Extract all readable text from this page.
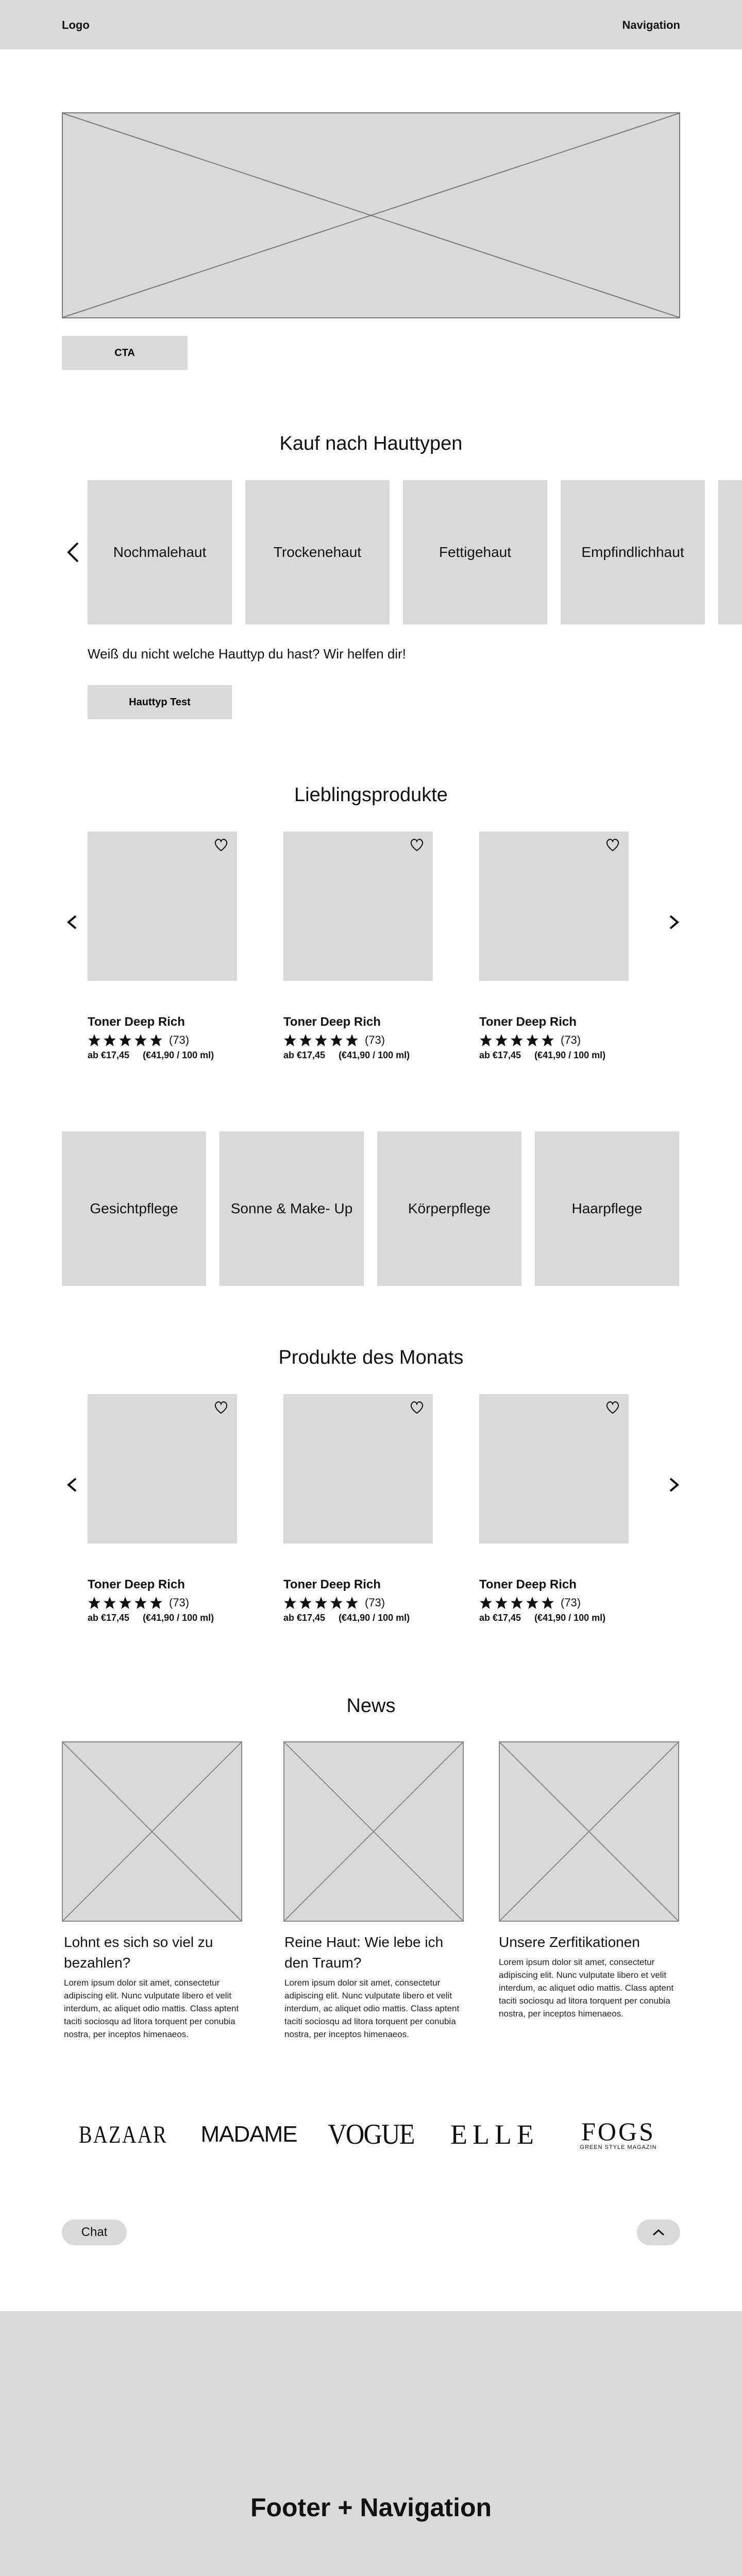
Logo	Navigation
CTA
Kauf nach Hauttypen
Nochmalehaut	Trockenehaut	Fettigehaut	Empfindlichhaut

Weiß du nicht welche Hauttyp du hast? Wir helfen dir!

Hauttyp Test
Lieblingsprodukte
Toner Deep Rich
(73)
ab €17,45 (€41,90 / 100 ml)
Toner Deep Rich
(73)
ab €17,45 (€41,90 / 100 ml)
Toner Deep Rich
(73)
ab €17,45 (€41,90 / 100 ml)
Gesichtpflege	Sonne & Make- Up	Körperpflege	Haarpflege
Produkte des Monats
Toner Deep Rich
(73)
ab €17,45 (€41,90 / 100 ml)
Toner Deep Rich
(73)
ab €17,45 (€41,90 / 100 ml)
Toner Deep Rich
(73)
ab €17,45 (€41,90 / 100 ml)
News
Lohnt es sich so viel zu bezahlen?
Lorem ipsum dolor sit amet, consectetur adipiscing elit. Nunc vulputate libero et velit interdum, ac aliquet odio mattis. Class aptent taciti sociosqu ad litora torquent per conubia nostra, per inceptos himenaeos.
Reine Haut: Wie lebe ich den Traum?
Lorem ipsum dolor sit amet, consectetur adipiscing elit. Nunc vulputate libero et velit interdum, ac aliquet odio mattis. Class aptent taciti sociosqu ad litora torquent per conubia nostra, per inceptos himenaeos.
Unsere Zerfitikationen
Lorem ipsum dolor sit amet, consectetur adipiscing elit. Nunc vulputate libero et velit interdum, ac aliquet odio mattis. Class aptent taciti sociosqu ad litora torquent per conubia nostra, per inceptos himenaeos.
BAZAAR MADAME VOGUE ELLE FOGS
GREEN STYLE MAGAZIN
Chat
Footer + Navigation
